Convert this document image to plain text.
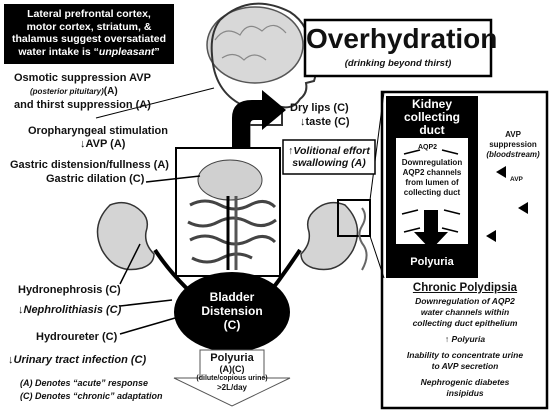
Lateral prefrontal cortex,
motor cortex, striatum, &
thalamus suggest oversatiated
water intake is “unpleasant”	Overhydration
(drinking beyond thirst)
Osmotic suppression AVP
(posterior pituitary)(A)
and thirst suppression (A)
Oropharyngeal stimulation
↓AVP (A)
Gastric distension/fullness (A)
Gastric dilation (C)
Hydronephrosis (C)
↓Nephrolithiasis (C)
Hydroureter (C)
↓Urinary tract infection (C)
(A) Denotes “acute” response
(C) Denotes “chronic” adaptation
Dry lips (C)
↓taste (C)
↑Volitional effort
swallowing (A)
Bladder
Distension
(C)
Polyuria
(A)(C)
(dilute/copious urine)
>2L/day
Kidney
collecting
duct
AQP2
Downregulation
AQP2 channels
from lumen of
collecting duct
Polyuria
AVP
suppression
(bloodstream)
AVP
Chronic Polydipsia
Downregulation of AQP2
water channels within
collecting duct epithelium
↑ Polyuria
Inability to concentrate urine
to AVP secretion
Nephrogenic diabetes
insipidus
